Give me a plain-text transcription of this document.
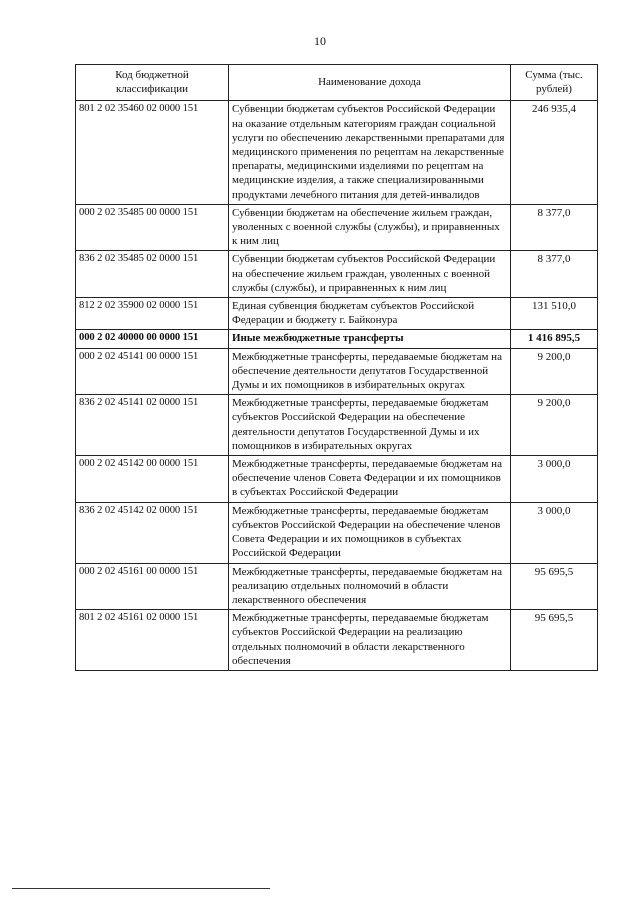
10
Код бюджетной классификации	Наименование дохода	Сумма (тыс. рублей)
801 2 02 35460 02 0000 151	Субвенции бюджетам субъектов Российской Федерации на оказание отдельным категориям граждан социальной услуги по обеспечению лекарственными препаратами для медицинского применения по рецептам на лекарственные препараты, медицинскими изделиями по рецептам на медицинские изделия, а также специализированными продуктами лечебного питания для детей-инвалидов	246 935,4
000 2 02 35485 00 0000 151	Субвенции бюджетам на обеспечение жильем граждан, уволенных с военной службы (службы), и приравненных к ним лиц	8 377,0
836 2 02 35485 02 0000 151	Субвенции бюджетам субъектов Российской Федерации на обеспечение жильем граждан, уволенных с военной службы (службы), и приравненных к ним лиц	8 377,0
812 2 02 35900 02 0000 151	Единая субвенция бюджетам субъектов Российской Федерации и бюджету г. Байконура	131 510,0
000 2 02 40000 00 0000 151	Иные межбюджетные трансферты	1 416 895,5
000 2 02 45141 00 0000 151	Межбюджетные трансферты, передаваемые бюджетам на обеспечение деятельности депутатов Государственной Думы и их помощников в избирательных округах	9 200,0
836 2 02 45141 02 0000 151	Межбюджетные трансферты, передаваемые бюджетам субъектов Российской Федерации на обеспечение деятельности депутатов Государственной Думы и их помощников в избирательных округах	9 200,0
000 2 02 45142 00 0000 151	Межбюджетные трансферты, передаваемые бюджетам на обеспечение членов Совета Федерации и их помощников в субъектах Российской Федерации	3 000,0
836 2 02 45142 02 0000 151	Межбюджетные трансферты, передаваемые бюджетам субъектов Российской Федерации на обеспечение членов Совета Федерации и их помощников в субъектах Российской Федерации	3 000,0
000 2 02 45161 00 0000 151	Межбюджетные трансферты, передаваемые бюджетам на реализацию отдельных полномочий в области лекарственного обеспечения	95 695,5
801 2 02 45161 02 0000 151	Межбюджетные трансферты, передаваемые бюджетам субъектов Российской Федерации на реализацию отдельных полномочий в области лекарственного обеспечения	95 695,5
